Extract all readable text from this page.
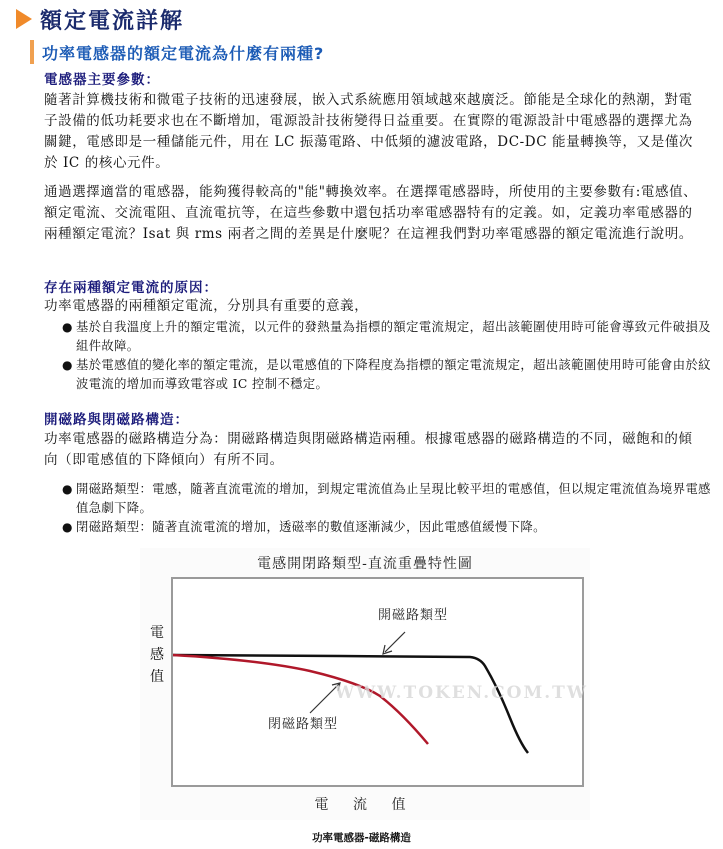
額定電流詳解
功率電感器的額定電流為什麼有兩種?
電感器主要參數：
隨著計算機技術和微電子技術的迅速發展，嵌入式系統應用領域越來越廣泛。節能是全球化的熱潮，對電子設備的低功耗要求也在不斷增加，電源設計技術變得日益重要。在實際的電源設計中電感器的選擇尤為關鍵，電感即是一種儲能元件，用在 LC 振蕩電路、中低頻的濾波電路，DC-DC 能量轉換等，又是僅次於 IC 的核心元件。
通過選擇適當的電感器，能夠獲得較高的"能"轉換效率。在選擇電感器時，所使用的主要參數有:電感值、額定電流、交流電阻、直流電抗等，在這些參數中還包括功率電感器特有的定義。如，定義功率電感器的兩種額定電流？Isat 與 rms 兩者之間的差異是什麼呢？在這裡我們對功率電感器的額定電流進行說明。
存在兩種額定電流的原因：
功率電感器的兩種額定電流，分別具有重要的意義，
● 基於自我溫度上升的額定電流，以元件的發熱量為指標的額定電流規定，超出該範圍使用時可能會導致元件破損及組件故障。
● 基於電感值的變化率的額定電流，是以電感值的下降程度為指標的額定電流規定，超出該範圍使用時可能會由於紋波電流的增加而導致電容或 IC 控制不穩定。
開磁路與閉磁路構造：
功率電感器的磁路構造分為：開磁路構造與閉磁路構造兩種。根據電感器的磁路構造的不同，磁飽和的傾向（即電感值的下降傾向）有所不同。
● 開磁路類型：電感，隨著直流電流的增加，到規定電流值為止呈現比較平坦的電感值，但以規定電流值為境界電感值急劇下降。
● 閉磁路類型：隨著直流電流的增加，透磁率的數值逐漸減少，因此電感值緩慢下降。
電感開閉路類型-直流重疊特性圖
WWW.TOKEN.COM.TW
電
感
值
開磁路類型
閉磁路類型
電 流 值
功率電感器-磁路構造
